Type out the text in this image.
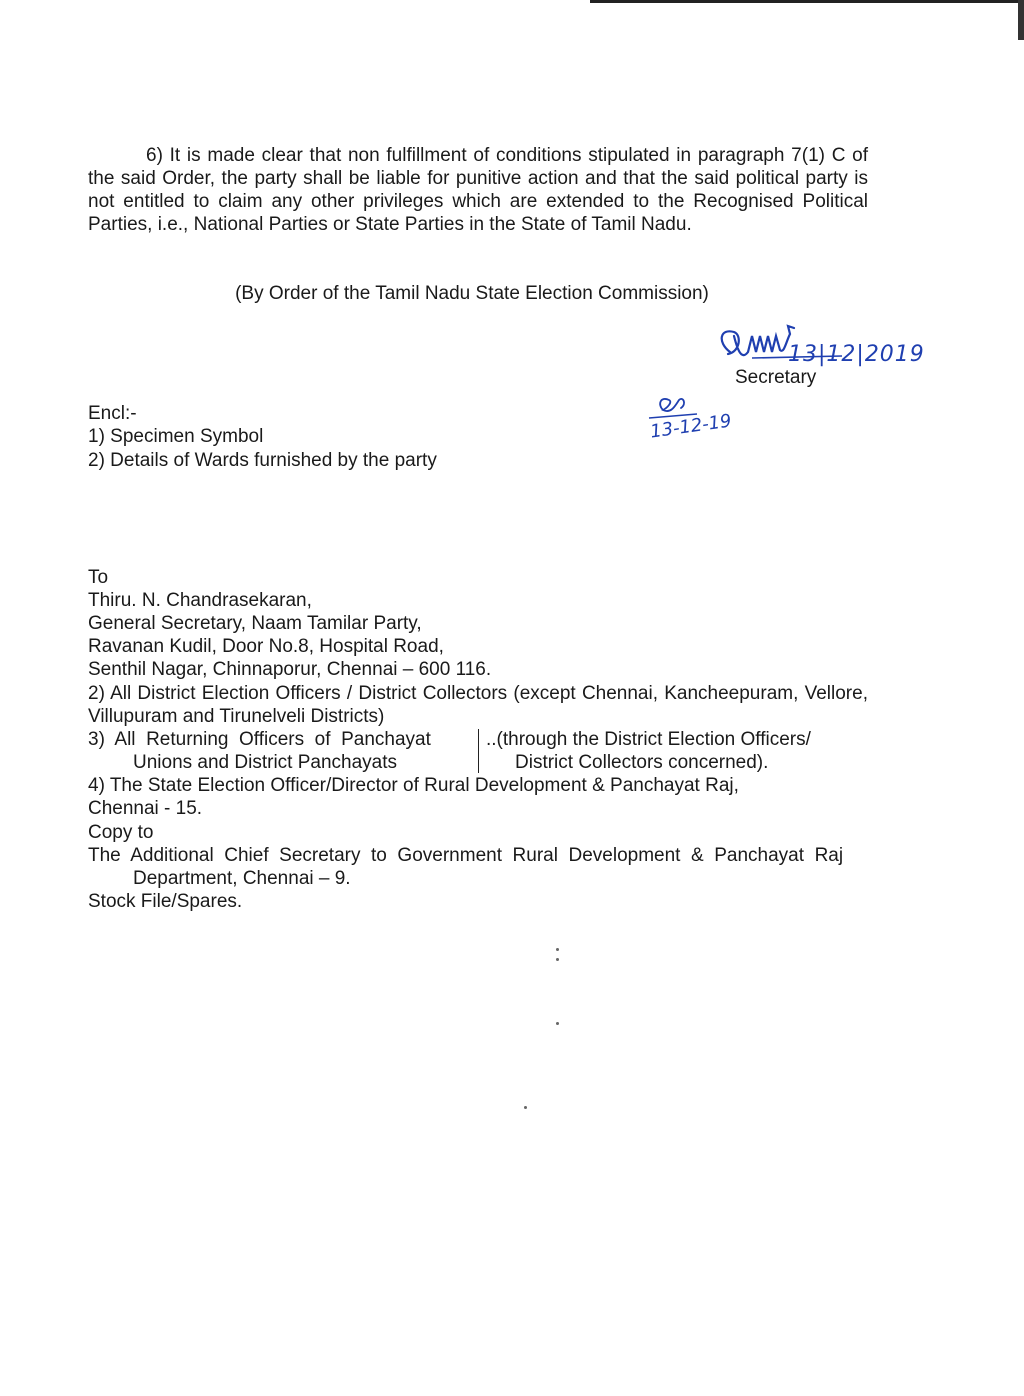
6) It is made clear that non fulfillment of conditions stipulated in paragraph 7(1) C of the said Order, the party shall be liable for punitive action and that the said political party is not entitled to claim any other privileges which are extended to the Recognised Political Parties, i.e., National Parties or State Parties in the State of Tamil Nadu.

(By Order of the Tamil Nadu State Election Commission)
13|12|2019
Secretary
13-12-19
Encl:-
1) Specimen Symbol
2) Details of Wards furnished by the party
To
Thiru. N. Chandrasekaran,
General Secretary, Naam Tamilar Party,
Ravanan Kudil, Door No.8, Hospital Road,
Senthil Nagar, Chinnaporur, Chennai – 600 116.
2) All District Election Officers / District Collectors (except Chennai, Kancheepuram, Vellore, Villupuram and Tirunelveli Districts)
3)  All  Returning  Officers  of  Panchayat
Unions and District Panchayats
..(through the District Election Officers/
District Collectors concerned).
4) The State Election Officer/Director of Rural Development & Panchayat Raj,
Chennai - 15.
Copy to
The  Additional  Chief  Secretary  to  Government  Rural  Development  &  Panchayat  Raj
Department, Chennai – 9.
Stock File/Spares.
